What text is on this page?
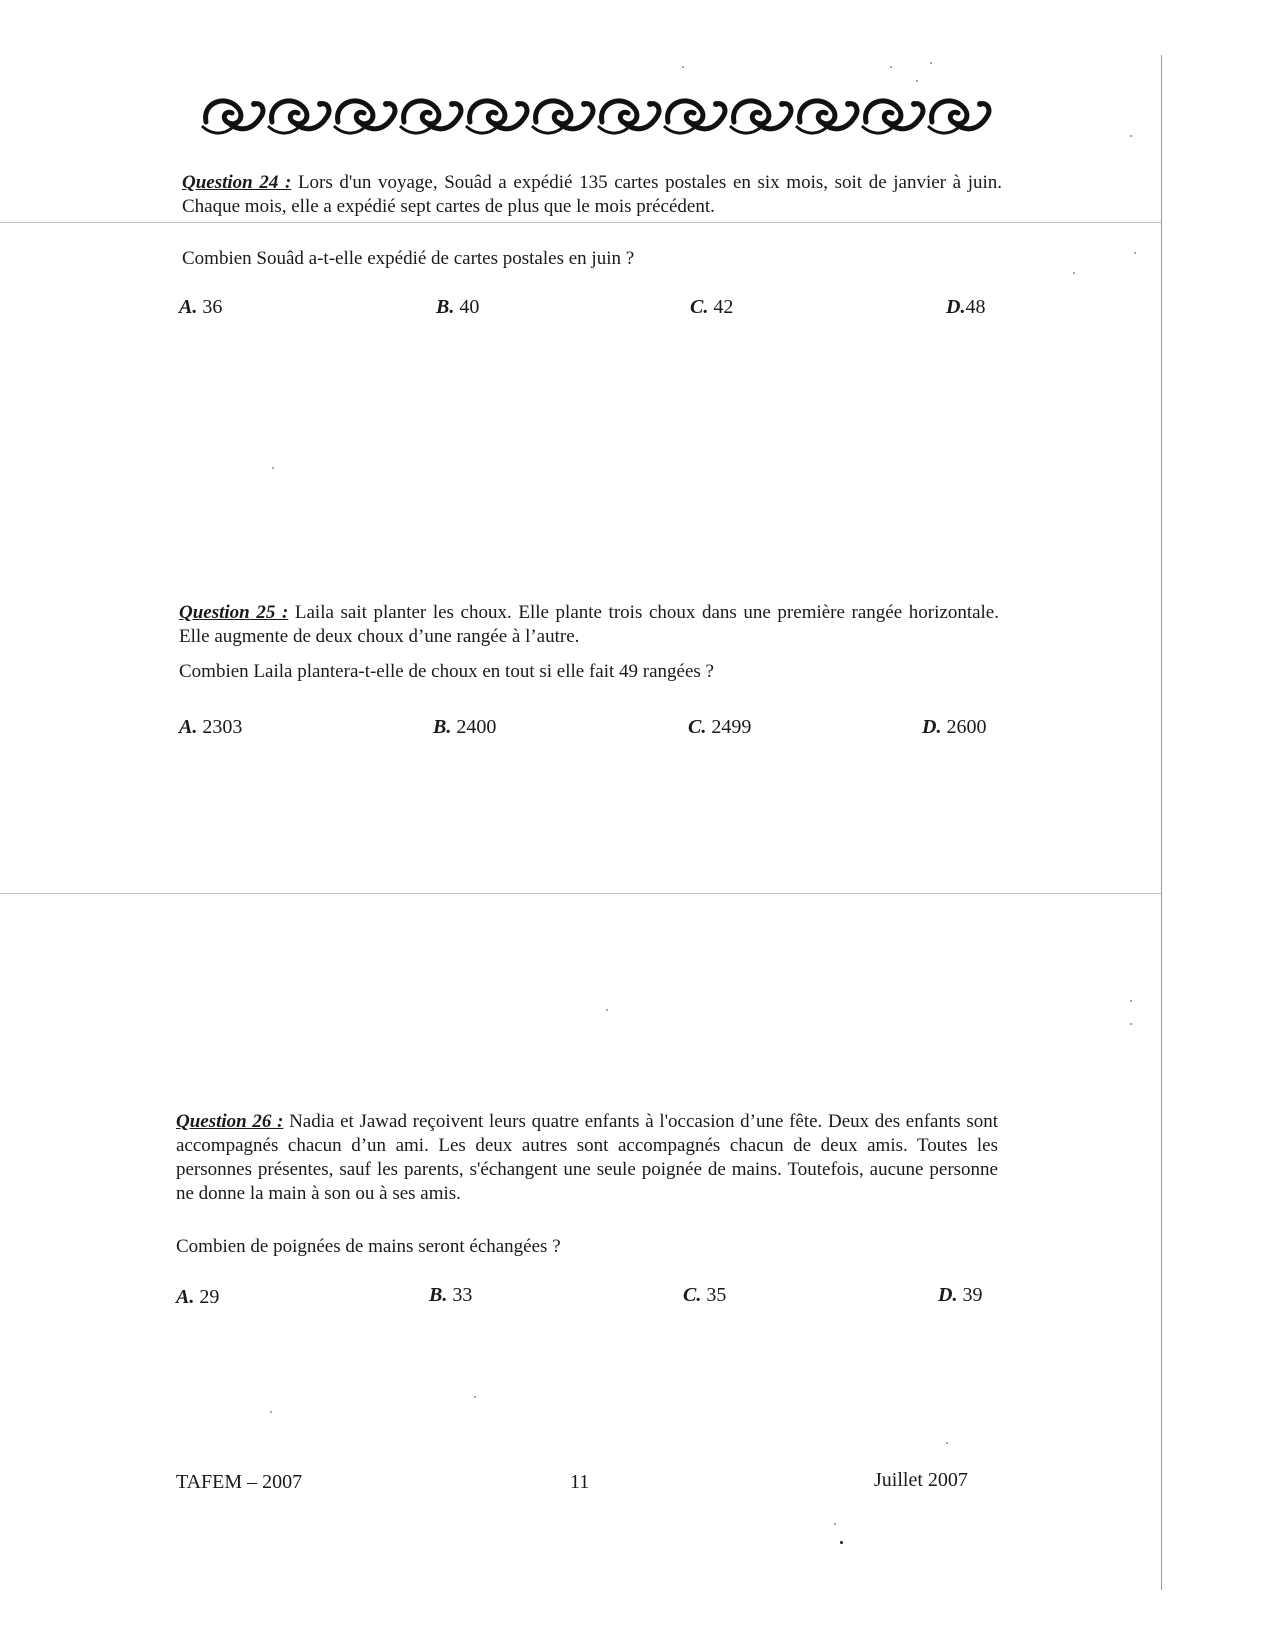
Question 24 : Lors d'un voyage, Souâd a expédié 135 cartes postales en six mois, soit de janvier à juin. Chaque mois, elle a expédié sept cartes de plus que le mois précédent.
Combien Souâd a-t-elle expédié de cartes postales en juin ?
A. 36	B. 40	C. 42	D.48
Question 25 : Laila sait planter les choux. Elle plante trois choux dans une première rangée horizontale. Elle augmente de deux choux d’une rangée à l’autre.
Combien Laila plantera-t-elle de choux en tout si elle fait 49 rangées ?
A. 2303	B. 2400	C. 2499	D. 2600
Question 26 : Nadia et Jawad reçoivent leurs quatre enfants à l'occasion d’une fête. Deux des enfants sont accompagnés chacun d’un ami. Les deux autres sont accompagnés chacun de deux amis. Toutes les personnes présentes, sauf les parents, s'échangent une seule poignée de mains. Toutefois, aucune personne ne donne la main à son ou à ses amis.
Combien de poignées de mains seront échangées ?
A. 29	B. 33	C. 35	D. 39
TAFEM – 2007	11	Juillet 2007
